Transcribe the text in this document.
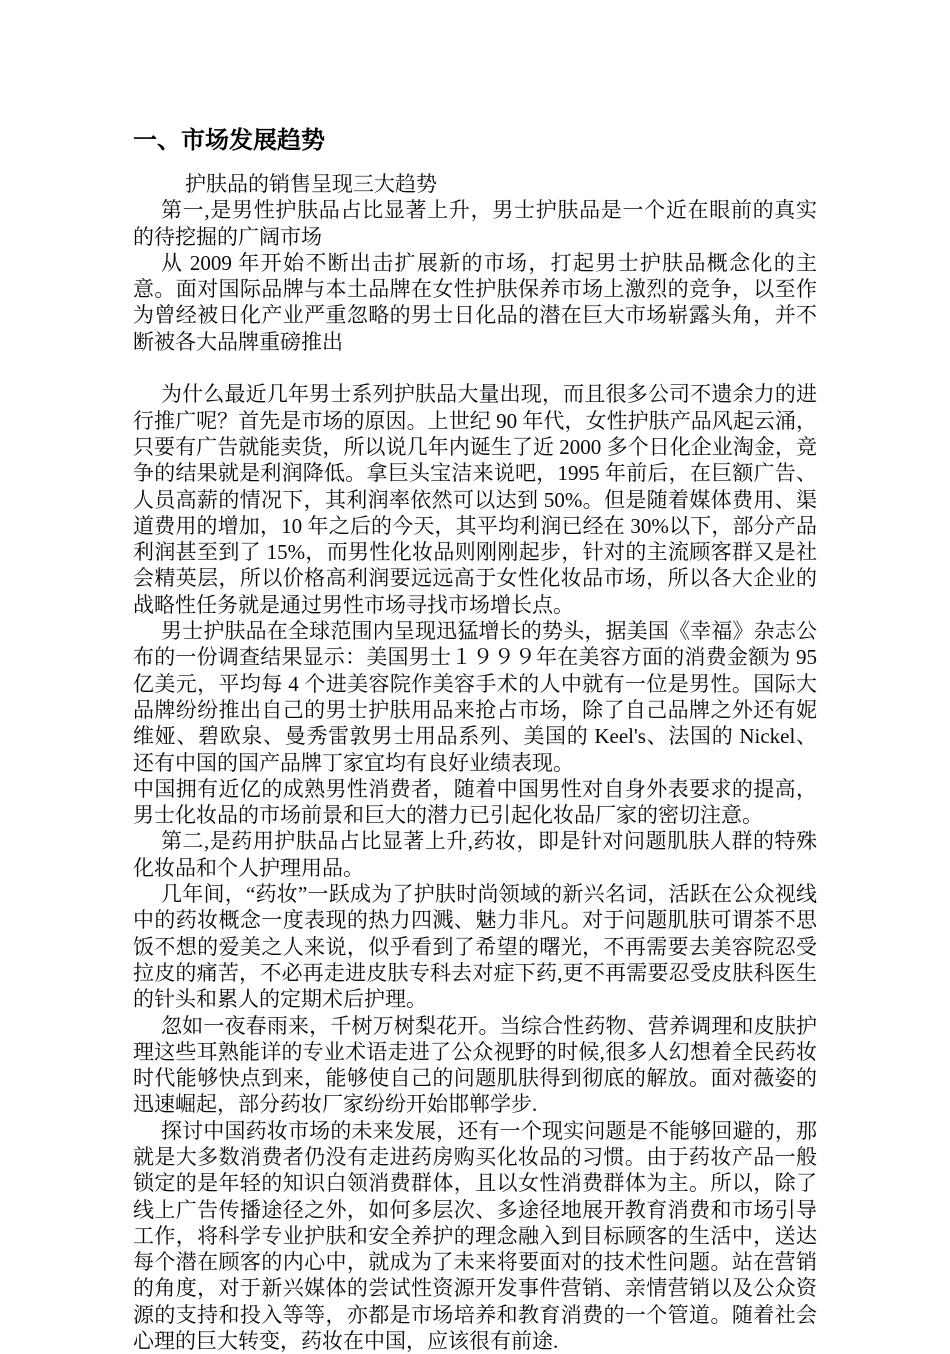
一、市场发展趋势

护肤品的销售呈现三大趋势

第一,是男性护肤品占比显著上升，男士护肤品是一个近在眼前的真实的待挖掘的广阔市场

从 2009 年开始不断出击扩展新的市场，打起男士护肤品概念化的主意。面对国际品牌与本土品牌在女性护肤保养市场上激烈的竞争，以至作为曾经被日化产业严重忽略的男士日化品的潜在巨大市场崭露头角，并不断被各大品牌重磅推出

为什么最近几年男士系列护肤品大量出现，而且很多公司不遗余力的进行推广呢？首先是市场的原因。上世纪 90 年代，女性护肤产品风起云涌，只要有广告就能卖货，所以说几年内诞生了近 2000 多个日化企业淘金，竞争的结果就是利润降低。拿巨头宝洁来说吧，1995 年前后，在巨额广告、人员高薪的情况下，其利润率依然可以达到 50%。但是随着媒体费用、渠道费用的增加，10 年之后的今天，其平均利润已经在 30%以下，部分产品利润甚至到了 15%，而男性化妆品则刚刚起步，针对的主流顾客群又是社会精英层，所以价格高利润要远远高于女性化妆品市场，所以各大企业的战略性任务就是通过男性市场寻找市场增长点。

男士护肤品在全球范围内呈现迅猛增长的势头，据美国《幸福》杂志公布的一份调查结果显示：美国男士１９９９年在美容方面的消费金额为 95 亿美元，平均每 4 个进美容院作美容手术的人中就有一位是男性。国际大品牌纷纷推出自己的男士护肤用品来抢占市场，除了自己品牌之外还有妮维娅、碧欧泉、曼秀雷敦男士用品系列、美国的 Keel's、法国的 Nickel、还有中国的国产品牌丁家宜均有良好业绩表现。

中国拥有近亿的成熟男性消费者，随着中国男性对自身外表要求的提高，男士化妆品的市场前景和巨大的潜力已引起化妆品厂家的密切注意。

第二,是药用护肤品占比显著上升,药妆，即是针对问题肌肤人群的特殊化妆品和个人护理用品。

几年间，“药妆”一跃成为了护肤时尚领域的新兴名词，活跃在公众视线中的药妆概念一度表现的热力四溅、魅力非凡。对于问题肌肤可谓茶不思饭不想的爱美之人来说，似乎看到了希望的曙光，不再需要去美容院忍受拉皮的痛苦，不必再走进皮肤专科去对症下药,更不再需要忍受皮肤科医生的针头和累人的定期术后护理。

忽如一夜春雨来，千树万树梨花开。当综合性药物、营养调理和皮肤护理这些耳熟能详的专业术语走进了公众视野的时候,很多人幻想着全民药妆时代能够快点到来，能够使自己的问题肌肤得到彻底的解放。面对薇姿的迅速崛起，部分药妆厂家纷纷开始邯郸学步.

探讨中国药妆市场的未来发展，还有一个现实问题是不能够回避的，那就是大多数消费者仍没有走进药房购买化妆品的习惯。由于药妆产品一般锁定的是年轻的知识白领消费群体，且以女性消费群体为主。所以，除了线上广告传播途径之外，如何多层次、多途径地展开教育消费和市场引导工作，将科学专业护肤和安全养护的理念融入到目标顾客的生活中，送达每个潜在顾客的内心中，就成为了未来将要面对的技术性问题。站在营销的角度，对于新兴媒体的尝试性资源开发事件营销、亲情营销以及公众资源的支持和投入等等，亦都是市场培养和教育消费的一个管道。随着社会心理的巨大转变，药妆在中国，应该很有前途.
